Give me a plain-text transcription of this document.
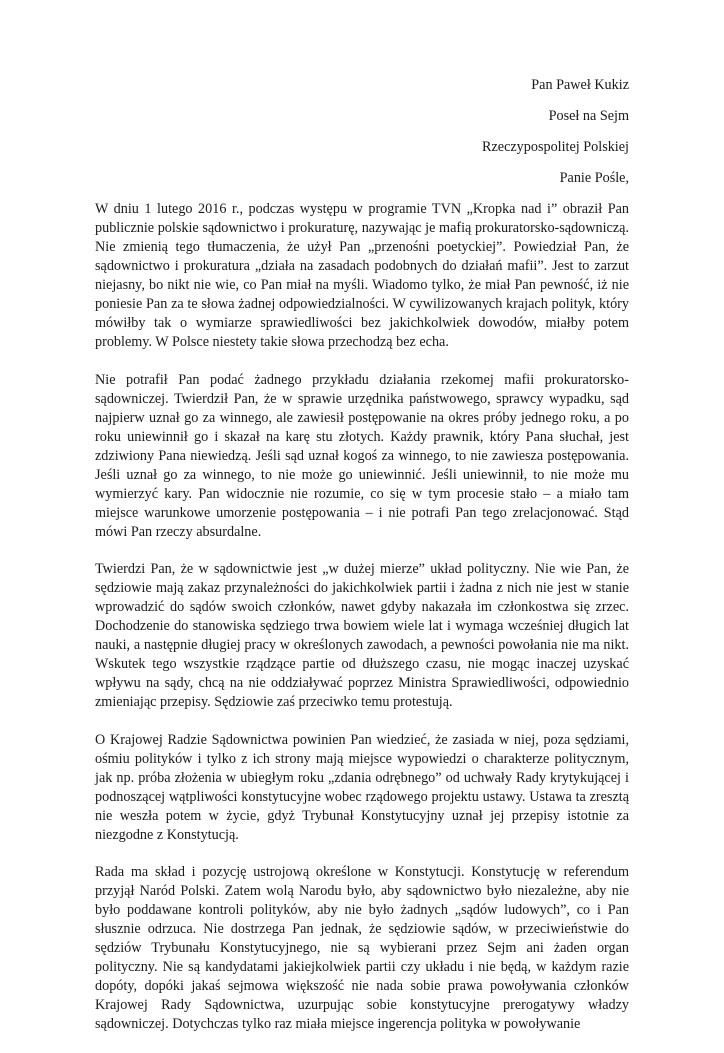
Pan Paweł Kukiz
Poseł na Sejm
Rzeczypospolitej Polskiej
Panie Pośle,

W dniu 1 lutego 2016 r., podczas występu w programie TVN „Kropka nad i” obraził Pan publicznie polskie sądownictwo i prokuraturę, nazywając je mafią prokuratorsko-sądowniczą. Nie zmienią tego tłumaczenia, że użył Pan „przenośni poetyckiej”. Powiedział Pan, że sądownictwo i prokuratura „działa na zasadach podobnych do działań mafii”. Jest to zarzut niejasny, bo nikt nie wie, co Pan miał na myśli. Wiadomo tylko, że miał Pan pewność, iż nie poniesie Pan za te słowa żadnej odpowiedzialności. W cywilizowanych krajach polityk, który mówiłby tak o wymiarze sprawiedliwości bez jakichkolwiek dowodów, miałby potem problemy. W Polsce niestety takie słowa przechodzą bez echa.

Nie potrafił Pan podać żadnego przykładu działania rzekomej mafii prokuratorsko-sądowniczej. Twierdził Pan, że w sprawie urzędnika państwowego, sprawcy wypadku, sąd najpierw uznał go za winnego, ale zawiesił postępowanie na okres próby jednego roku, a po roku uniewinnił go i skazał na karę stu złotych. Każdy prawnik, który Pana słuchał, jest zdziwiony Pana niewiedzą. Jeśli sąd uznał kogoś za winnego, to nie zawiesza postępowania. Jeśli uznał go za winnego, to nie może go uniewinnić. Jeśli uniewinnił, to nie może mu wymierzyć kary. Pan widocznie nie rozumie, co się w tym procesie stało – a miało tam miejsce warunkowe umorzenie postępowania – i nie potrafi Pan tego zrelacjonować. Stąd mówi Pan rzeczy absurdalne.

Twierdzi Pan, że w sądownictwie jest „w dużej mierze” układ polityczny. Nie wie Pan, że sędziowie mają zakaz przynależności do jakichkolwiek partii i żadna z nich nie jest w stanie wprowadzić do sądów swoich członków, nawet gdyby nakazała im członkostwa się zrzec. Dochodzenie do stanowiska sędziego trwa bowiem wiele lat i wymaga wcześniej długich lat nauki, a następnie długiej pracy w określonych zawodach, a pewności powołania nie ma nikt. Wskutek tego wszystkie rządzące partie od dłuższego czasu, nie mogąc inaczej uzyskać wpływu na sądy, chcą na nie oddziaływać poprzez Ministra Sprawiedliwości, odpowiednio zmieniając przepisy. Sędziowie zaś przeciwko temu protestują.

O Krajowej Radzie Sądownictwa powinien Pan wiedzieć, że zasiada w niej, poza sędziami, ośmiu polityków i tylko z ich strony mają miejsce wypowiedzi o charakterze politycznym, jak np. próba złożenia w ubiegłym roku „zdania odrębnego” od uchwały Rady krytykującej i podnoszącej wątpliwości konstytucyjne wobec rządowego projektu ustawy. Ustawa ta zresztą nie weszła potem w życie, gdyż Trybunał Konstytucyjny uznał jej przepisy istotnie za niezgodne z Konstytucją.

Rada ma skład i pozycję ustrojową określone w Konstytucji. Konstytucję w referendum przyjął Naród Polski. Zatem wolą Narodu było, aby sądownictwo było niezależne, aby nie było poddawane kontroli polityków, aby nie było żadnych „sądów ludowych”, co i Pan słusznie odrzuca. Nie dostrzega Pan jednak, że sędziowie sądów, w przeciwieństwie do sędziów Trybunału Konstytucyjnego, nie są wybierani przez Sejm ani żaden organ polityczny. Nie są kandydatami jakiejkolwiek partii czy układu i nie będą, w każdym razie dopóty, dopóki jakaś sejmowa większość nie nada sobie prawa powoływania członków Krajowej Rady Sądownictwa, uzurpując sobie konstytucyjne prerogatywy władzy sądowniczej. Dotychczas tylko raz miała miejsce ingerencja polityka w powoływanie
